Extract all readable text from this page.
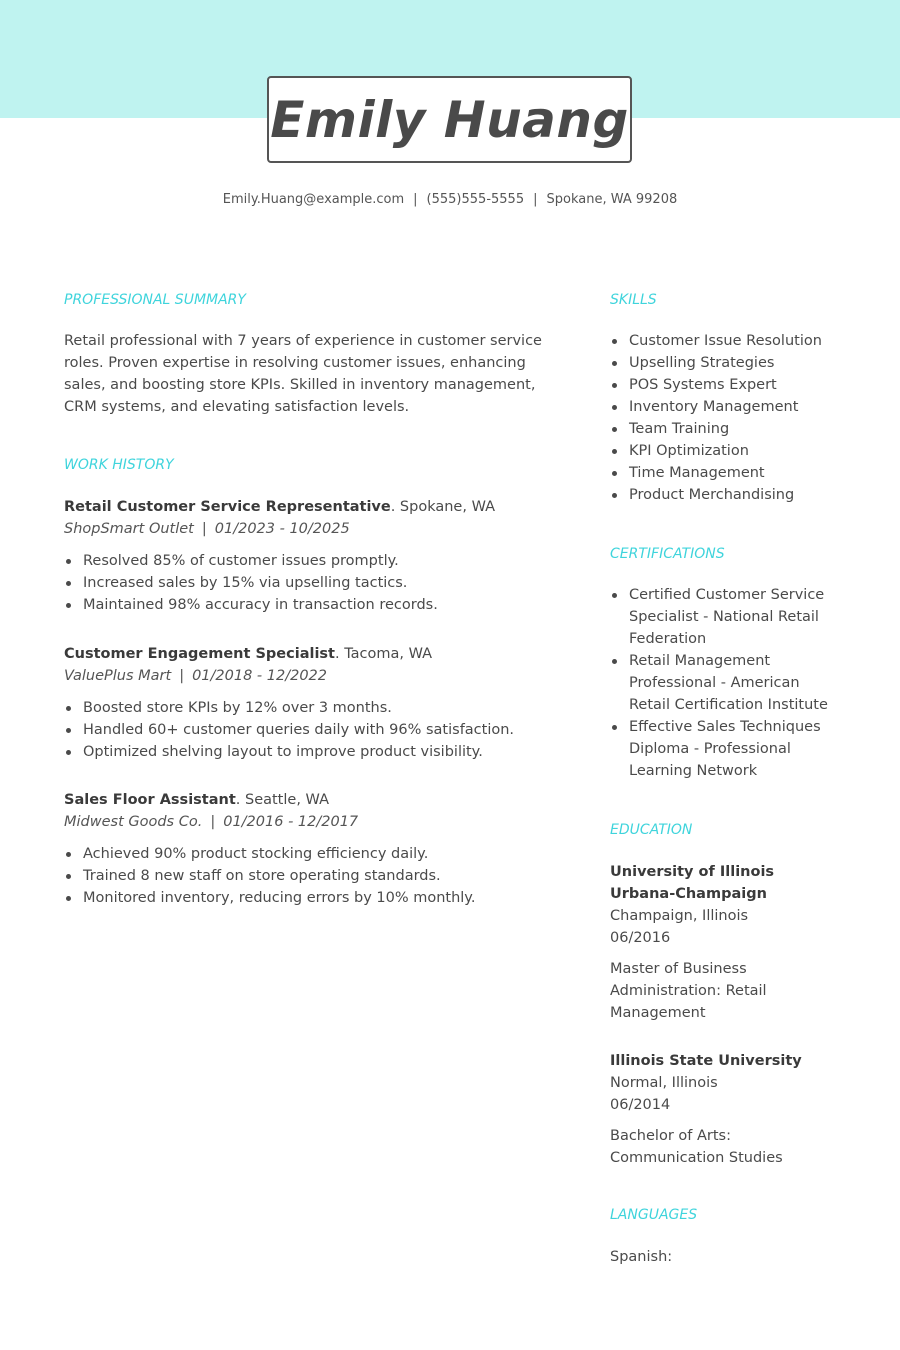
Emily Huang
Emily.Huang@example.com | (555)555-5555 | Spokane, WA 99208
PROFESSIONAL SUMMARY
Retail professional with 7 years of experience in customer service roles. Proven expertise in resolving customer issues, enhancing sales, and boosting store KPIs. Skilled in inventory management, CRM systems, and elevating satisfaction levels.
WORK HISTORY
Retail Customer Service Representative. Spokane, WA
ShopSmart Outlet | 01/2023 - 10/2025
Resolved 85% of customer issues promptly.
Increased sales by 15% via upselling tactics.
Maintained 98% accuracy in transaction records.
Customer Engagement Specialist. Tacoma, WA
ValuePlus Mart | 01/2018 - 12/2022
Boosted store KPIs by 12% over 3 months.
Handled 60+ customer queries daily with 96% satisfaction.
Optimized shelving layout to improve product visibility.
Sales Floor Assistant. Seattle, WA
Midwest Goods Co. | 01/2016 - 12/2017
Achieved 90% product stocking efficiency daily.
Trained 8 new staff on store operating standards.
Monitored inventory, reducing errors by 10% monthly.
SKILLS
Customer Issue Resolution
Upselling Strategies
POS Systems Expert
Inventory Management
Team Training
KPI Optimization
Time Management
Product Merchandising
CERTIFICATIONS
Certified Customer Service Specialist - National Retail Federation
Retail Management Professional - American Retail Certification Institute
Effective Sales Techniques Diploma - Professional Learning Network
EDUCATION
University of Illinois Urbana-Champaign
Champaign, Illinois
06/2016
Master of Business Administration: Retail Management
Illinois State University
Normal, Illinois
06/2014
Bachelor of Arts: Communication Studies
LANGUAGES
Spanish:
